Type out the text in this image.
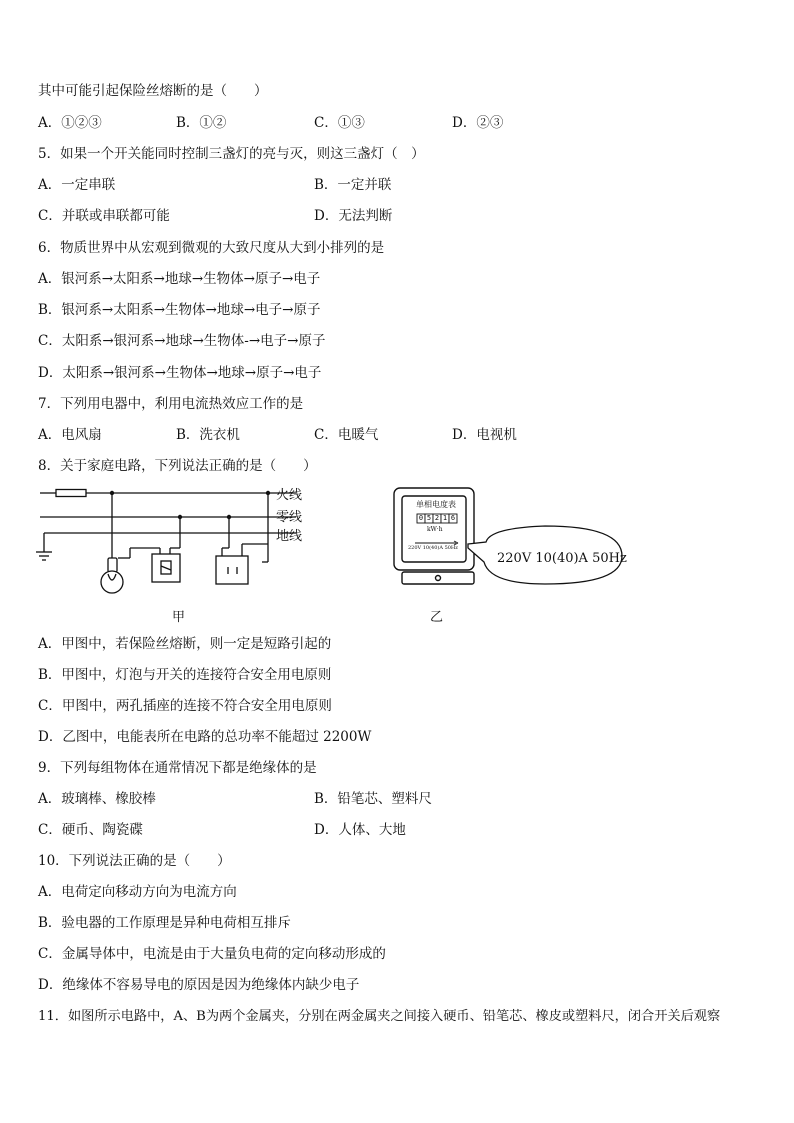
其中可能引起保险丝熔断的是（　　）
A．①②③	B．①②	C．①③	D．②③
5．如果一个开关能同时控制三盏灯的亮与灭，则这三盏灯（　）
A．一定串联	B．一定并联
C．并联或串联都可能	D．无法判断
6．物质世界中从宏观到微观的大致尺度从大到小排列的是
A．银河系→太阳系→地球→生物体→原子→电子
B．银河系→太阳系→生物体→地球→电子→原子
C．太阳系→银河系→地球→生物体-→电子→原子
D．太阳系→银河系→生物体→地球→原子→电子
7．下列用电器中，利用电流热效应工作的是
A．电风扇	B．洗衣机	C．电暖气	D．电视机
8．关于家庭电路，下列说法正确的是（　　）
火线
零线
地线
甲
单相电度表
0 5 2 1 6
kW·h
220V 10(40)A 50Hz
220V 10(40)A 50Hz
乙
A．甲图中，若保险丝熔断，则一定是短路引起的
B．甲图中，灯泡与开关的连接符合安全用电原则
C．甲图中，两孔插座的连接不符合安全用电原则
D．乙图中，电能表所在电路的总功率不能超过 2200W
9．下列每组物体在通常情况下都是绝缘体的是
A．玻璃棒、橡胶棒	B．铅笔芯、塑料尺
C．硬币、陶瓷碟	D．人体、大地
10．下列说法正确的是（　　）
A．电荷定向移动方向为电流方向
B．验电器的工作原理是异种电荷相互排斥
C．金属导体中，电流是由于大量负电荷的定向移动形成的
D．绝缘体不容易导电的原因是因为绝缘体内缺少电子
11．如图所示电路中，A、B为两个金属夹，分别在两金属夹之间接入硬币、铅笔芯、橡皮或塑料尺，闭合开关后观察
